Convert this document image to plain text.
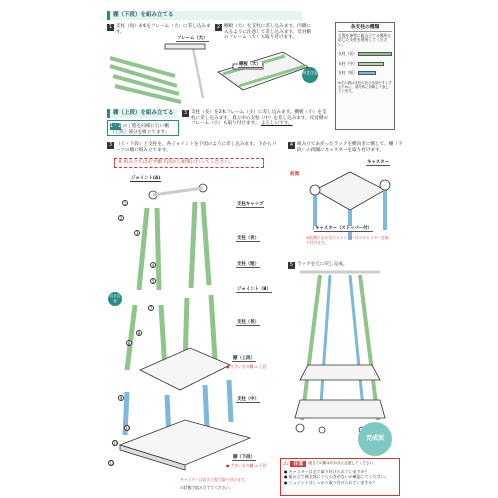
棚（下段）を組み立てる
1 支柱（短）4本をフレーム（大）に差し込みます。
2 棚板（大）を支柱に差し込みます。内側に入るように注意して差し込みます。反対側のフレーム（大）も取り付けます。
フレーム（大）
棚板（大）
向き注意
各支柱の種類
左図を参考に組み立てる場所に応じた支柱を使用してください。
支柱（長）
支柱（中）
支柱（短）
※左の図は支柱の長さを見やすくするために、部分的に省略して表しています。
棚（上段）を組み立てる
1・2 の工程を同様に行い棚（上段）部分を組立てます。
3 支柱（長）を2本フレーム（小）に差し込みます。棚板（小）を支柱に差し込みます。真ん中の支柱（中）を差し込みます。反対側のフレーム（小）も取り付けます。 よろしいです。
3 （上・下段）と支柱を、各ジョイントを下図のように差し込みます。下からパーツの順に組み立てます。
※ 組み立ては必ず棚下段から順番に行ってください。
ジョイント(A)
支柱キャップ
支柱（長）
支柱（短）
ジョイント（B）
支柱（長）
棚（上段）
● 小さい方の棚 ⇒ 上段
支柱（中）
棚（下段）
● 大きい方の棚 ⇒ 下段
向き注意
1
2
3
4
5
6
7
8
9
10
11
12
キャスターは次の工程で取り付けます。
の状態で組み立ててください。
4 組み立てあがったラックを横向きに倒して、棚（下段）の四隅にキャスターを取り付けます。
キャスター
前側
キャスター（ストッパー付）
※前側になる方にストッパー付のキャスターを取り付けます。
5 ラックを元に戻し完成。
完成図
⚠	注意	組立ての際は次の点に注意してください。
● キャスターは全て取り付けられていますか？
● 組み立て後全体にぐらつきがないか確認してください。
● ジョイントはしっかり取り付けられていますか？
